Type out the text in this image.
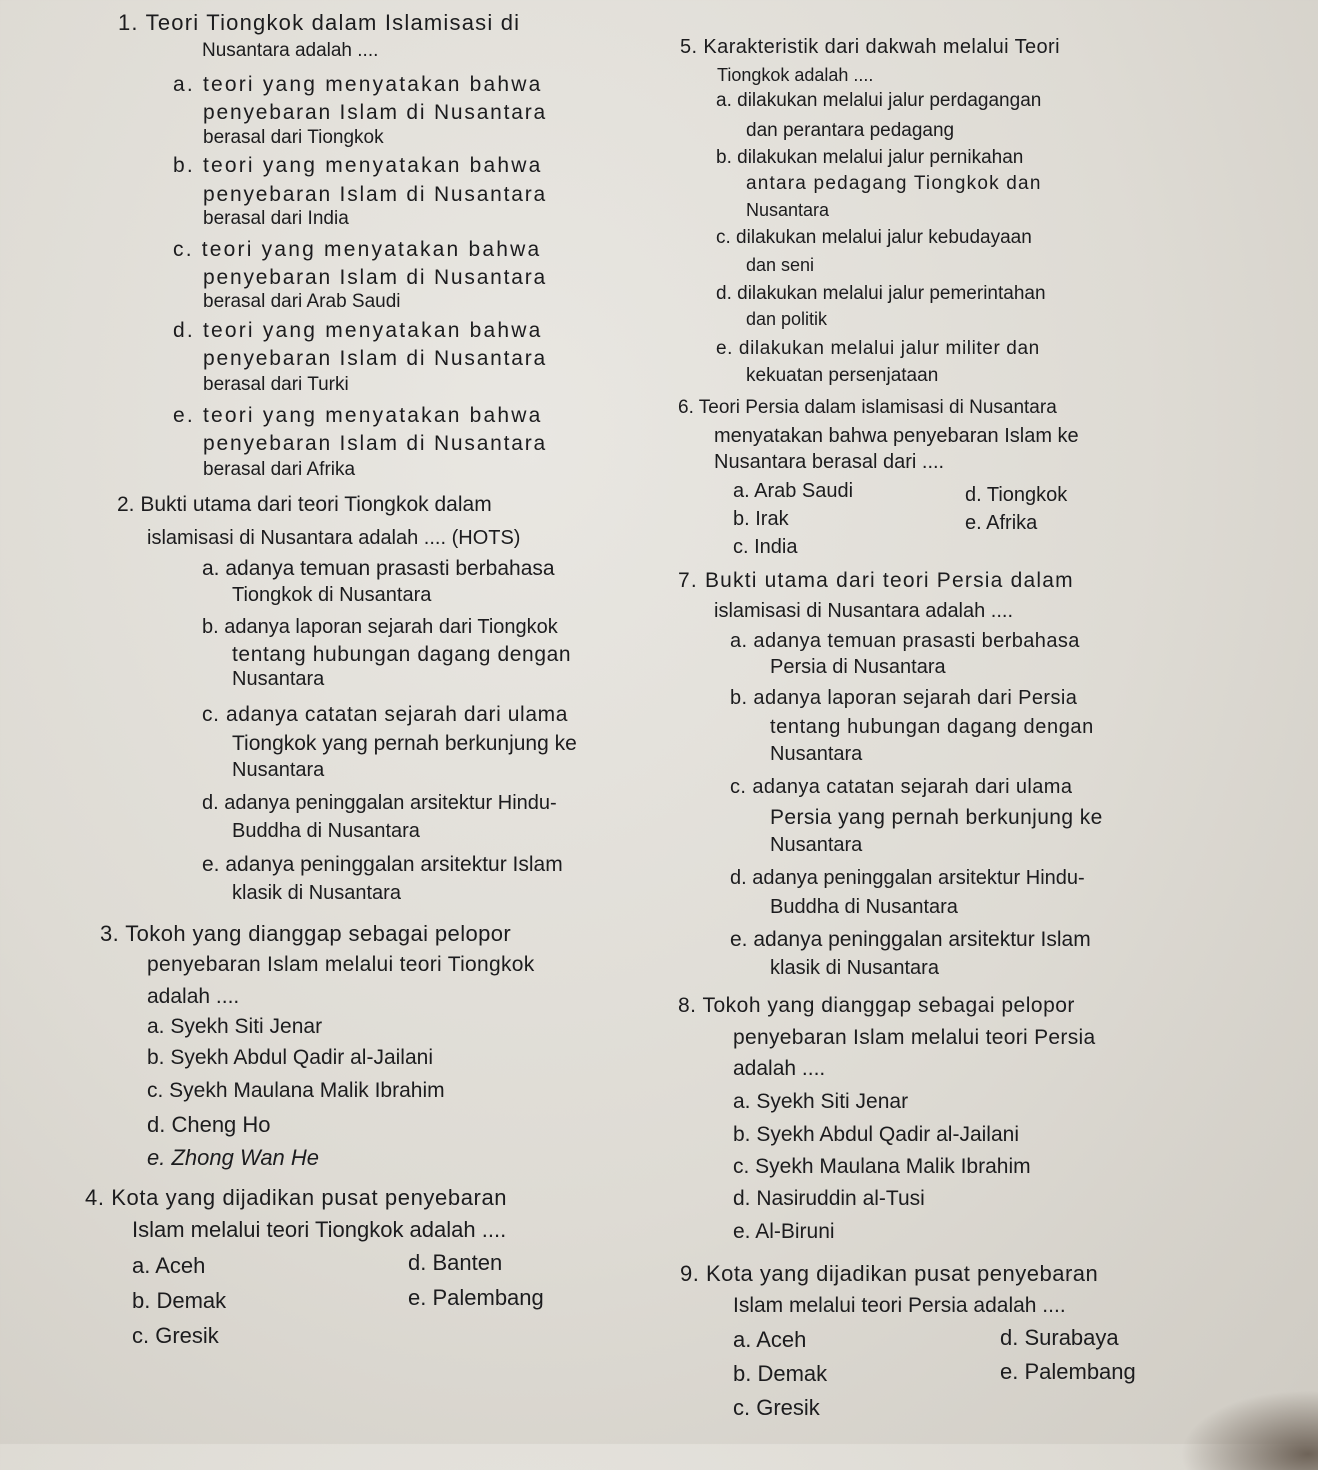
1. Teori Tiongkok dalam Islamisasi di
Nusantara adalah ....
a. teori yang menyatakan bahwa
penyebaran Islam di Nusantara
berasal dari Tiongkok
b. teori yang menyatakan bahwa
penyebaran Islam di Nusantara
berasal dari India
c. teori yang menyatakan bahwa
penyebaran Islam di Nusantara
berasal dari Arab Saudi
d. teori yang menyatakan bahwa
penyebaran Islam di Nusantara
berasal dari Turki
e. teori yang menyatakan bahwa
penyebaran Islam di Nusantara
berasal dari Afrika
2. Bukti utama dari teori Tiongkok dalam
islamisasi di Nusantara adalah .... (HOTS)
a. adanya temuan prasasti berbahasa
Tiongkok di Nusantara
b. adanya laporan sejarah dari Tiongkok
tentang hubungan dagang dengan
Nusantara
c. adanya catatan sejarah dari ulama
Tiongkok yang pernah berkunjung ke
Nusantara
d. adanya peninggalan arsitektur Hindu-
Buddha di Nusantara
e. adanya peninggalan arsitektur Islam
klasik di Nusantara
3. Tokoh yang dianggap sebagai pelopor
penyebaran Islam melalui teori Tiongkok
adalah ....
a. Syekh Siti Jenar
b. Syekh Abdul Qadir al-Jailani
c. Syekh Maulana Malik Ibrahim
d. Cheng Ho
e. Zhong Wan He
4. Kota yang dijadikan pusat penyebaran
Islam melalui teori Tiongkok adalah ....
a. Aceh	d. Banten
b. Demak	e. Palembang
c. Gresik
5. Karakteristik dari dakwah melalui Teori
Tiongkok adalah ....
a. dilakukan melalui jalur perdagangan
dan perantara pedagang
b. dilakukan melalui jalur pernikahan
antara pedagang Tiongkok dan
Nusantara
c. dilakukan melalui jalur kebudayaan
dan seni
d. dilakukan melalui jalur pemerintahan
dan politik
e. dilakukan melalui jalur militer dan
kekuatan persenjataan
6. Teori Persia dalam islamisasi di Nusantara
menyatakan bahwa penyebaran Islam ke
Nusantara berasal dari ....
a. Arab Saudi	d. Tiongkok
b. Irak	e. Afrika
c. India
7. Bukti utama dari teori Persia dalam
islamisasi di Nusantara adalah ....
a. adanya temuan prasasti berbahasa
Persia di Nusantara
b. adanya laporan sejarah dari Persia
tentang hubungan dagang dengan
Nusantara
c. adanya catatan sejarah dari ulama
Persia yang pernah berkunjung ke
Nusantara
d. adanya peninggalan arsitektur Hindu-
Buddha di Nusantara
e. adanya peninggalan arsitektur Islam
klasik di Nusantara
8. Tokoh yang dianggap sebagai pelopor
penyebaran Islam melalui teori Persia
adalah ....
a. Syekh Siti Jenar
b. Syekh Abdul Qadir al-Jailani
c. Syekh Maulana Malik Ibrahim
d. Nasiruddin al-Tusi
e. Al-Biruni
9. Kota yang dijadikan pusat penyebaran
Islam melalui teori Persia adalah ....
a. Aceh	d. Surabaya
b. Demak	e. Palembang
c. Gresik
